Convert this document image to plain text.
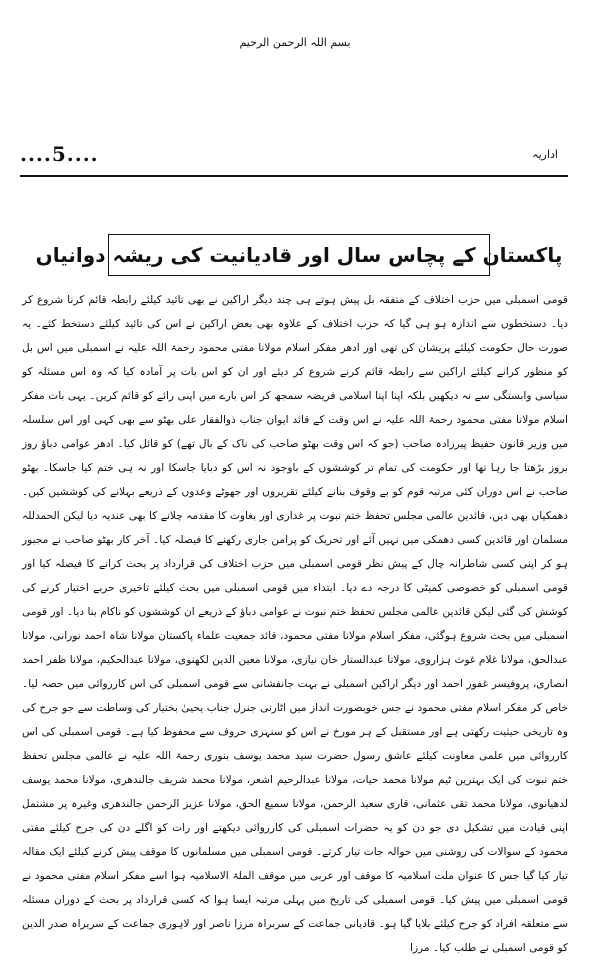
بسم اللہ الرحمن الرحیم
اداریہ
....5....
پاکستان کے پچاس سال اور قادیانیت کی ریشہ دوانیاں
قومی اسمبلی میں حزب اختلاف کے متفقہ بل پیش ہوتے ہی چند دیگر اراکین نے بھی تائید کیلئے رابطہ قائم کرنا شروع کر دیا۔ دستخطوں سے اندازہ ہو ہی گیا کہ حزب اختلاف کے علاوہ بھی بعض اراکین نے اس کی تائید کیلئے دستخط کئے۔ یہ صورت حال حکومت کیلئے پریشان کن تھی اور ادھر مفکر اسلام مولانا مفتی محمود رحمۃ اللہ علیہ نے اسمبلی میں اس بل کو منظور کرانے کیلئے اراکین سے رابطہ قائم کرنے شروع کر دیئے اور ان کو اس بات پر آمادہ کیا کہ وہ اس مسئلہ کو سیاسی وابستگی سے نہ دیکھیں بلکہ اپنا اپنا اسلامی فریضہ سمجھ کر اس بارے میں اپنی رائے کو قائم کریں۔ یہی بات مفکر اسلام مولانا مفتی محمود رحمۃ اللہ علیہ نے اس وقت کے قائد ایوان جناب ذوالفقار علی بھٹو سے بھی کہی اور اس سلسلہ میں وزیر قانون حفیظ پیرزادہ صاحب (جو کہ اس وقت بھٹو صاحب کی ناک کے بال تھے) کو قائل کیا۔ ادھر عوامی دباؤ روز بروز بڑھتا جا رہا تھا اور حکومت کی تمام تر کوششوں کے باوجود نہ اس کو دبایا جاسکا اور نہ ہی ختم کیا جاسکا۔ بھٹو صاحب نے اس دوران کئی مرتبہ قوم کو بے وقوف بنانے کیلئے تقریروں اور جھوٹے وعدوں کے ذریعے بہلانے کی کوششیں کیں۔ دھمکیاں بھی دیں، قائدین عالمی مجلس تحفظ ختم نبوت پر غداری اور بغاوت کا مقدمہ چلانے کا بھی عندیہ دیا لیکن الحمدللہ مسلمان اور قائدین کسی دھمکی میں نہیں آئے اور تحریک کو پرامن جاری رکھنے کا فیصلہ کیا۔ آخر کار بھٹو صاحب نے مجبور ہو کر اپنی کسی شاطرانہ چال کے پیش نظر قومی اسمبلی میں حزب اختلاف کی قرارداد پر بحث کرانے کا فیصلہ کیا اور قومی اسمبلی کو خصوصی کمیٹی کا درجہ دے دیا۔ ابتداء میں قومی اسمبلی میں بحث کیلئے تاخیری حربے اختیار کرنے کی کوشش کی گئی لیکن قائدین عالمی مجلس تحفظ ختم نبوت نے عوامی دباؤ کے ذریعے ان کوششوں کو ناکام بنا دیا۔ اور قومی اسمبلی میں بحث شروع ہوگئی، مفکر اسلام مولانا مفتی محمود، قائد جمعیت علماء پاکستان مولانا شاہ احمد نورانی، مولانا عبدالحق، مولانا غلام غوث ہزاروی، مولانا عبدالستار خان نیازی، مولانا معین الدین لکھنوی، مولانا عبدالحکیم، مولانا ظفر احمد انصاری، پروفیسر غفور احمد اور دیگر اراکین اسمبلی نے بہت جانفشانی سے قومی اسمبلی کی اس کارروائی میں حصہ لیا۔ خاص کر مفکر اسلام مفتی محمود نے جس خوبصورت انداز میں اٹارنی جنرل جناب یحییٰ بختیار کی وساطت سے جو جرح کی وہ تاریخی حیثیت رکھتی ہے اور مستقبل کے ہر مورخ نے اس کو سنہری حروف سے محفوظ کیا ہے۔ قومی اسمبلی کی اس کارروائی میں علمی معاونت کیلئے عاشق رسول حضرت سید محمد یوسف بنوری رحمۃ اللہ علیہ نے عالمی مجلس تحفظ ختم نبوت کی ایک بہترین ٹیم مولانا محمد حیات، مولانا عبدالرحیم اشعر، مولانا محمد شریف جالندھری، مولانا محمد یوسف لدھیانوی، مولانا محمد تقی عثمانی، قاری سعید الرحمن، مولانا سمیع الحق، مولانا عزیز الرحمن جالندھری وغیرہ پر مشتمل اپنی قیادت میں تشکیل دی جو دن کو یہ حضرات اسمبلی کی کارروائی دیکھتے اور رات کو اگلے دن کی جرح کیلئے مفتی محمود کے سوالات کی روشنی میں حوالہ جات تیار کرتے۔ قومی اسمبلی میں مسلمانوں کا موقف پیش کرنے کیلئے ایک مقالہ تیار کیا گیا جس کا عنوان ملت اسلامیہ کا موقف اور عربی میں موقف الملۃ الاسلامیہ ہوا اسے مفکر اسلام مفتی محمود نے قومی اسمبلی میں پیش کیا۔ قومی اسمبلی کی تاریخ میں پہلی مرتبہ ایسا ہوا کہ کسی قرارداد پر بحث کے دوران مسئلہ سے متعلقہ افراد کو جرح کیلئے بلایا گیا ہو۔ قادیانی جماعت کے سربراہ مرزا ناصر اور لاہوری جماعت کے سربراہ صدر الدین کو قومی اسمبلی نے طلب کیا۔ مرزا
